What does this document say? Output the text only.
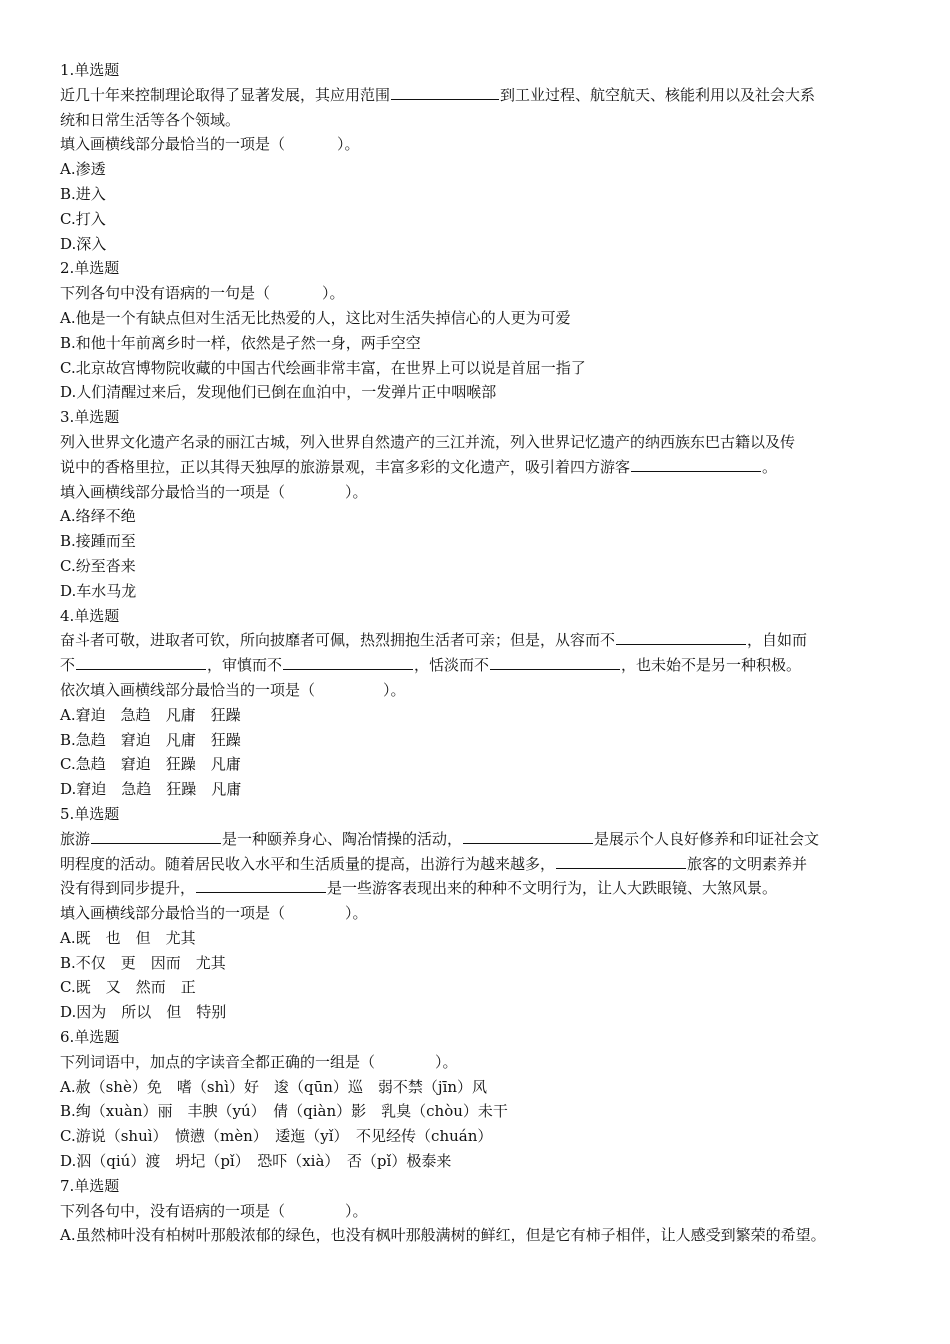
1.单选题
近几十年来控制理论取得了显著发展，其应用范围	到工业过程、航空航天、核能利用以及社会大系
统和日常生活等各个领域。
填入画横线部分最恰当的一项是（	）。
A.渗透
B.进入
C.打入
D.深入
2.单选题
下列各句中没有语病的一句是（	）。
A.他是一个有缺点但对生活无比热爱的人，这比对生活失掉信心的人更为可爱
B.和他十年前离乡时一样，依然是孑然一身，两手空空
C.北京故宫博物院收藏的中国古代绘画非常丰富，在世界上可以说是首屈一指了
D.人们清醒过来后，发现他们已倒在血泊中，一发弹片正中咽喉部
3.单选题
列入世界文化遗产名录的丽江古城，列入世界自然遗产的三江并流，列入世界记忆遗产的纳西族东巴古籍以及传
说中的香格里拉，正以其得天独厚的旅游景观，丰富多彩的文化遗产，吸引着四方游客	。
填入画横线部分最恰当的一项是（	）。
A.络绎不绝
B.接踵而至
C.纷至沓来
D.车水马龙
4.单选题
奋斗者可敬，进取者可钦，所向披靡者可佩，热烈拥抱生活者可亲；但是，从容而不	，自如而
不	，审慎而不	，恬淡而不	，也未始不是另一种积极。
依次填入画横线部分最恰当的一项是（	）。
A.窘迫　急趋　凡庸　狂躁
B.急趋　窘迫　凡庸　狂躁
C.急趋　窘迫　狂躁　凡庸
D.窘迫　急趋　狂躁　凡庸
5.单选题
旅游	是一种颐养身心、陶冶情操的活动，	是展示个人良好修养和印证社会文
明程度的活动。随着居民收入水平和生活质量的提高，出游行为越来越多，	旅客的文明素养并
没有得到同步提升，	是一些游客表现出来的种种不文明行为，让人大跌眼镜、大煞风景。
填入画横线部分最恰当的一项是（	）。
A.既　也　但　尤其
B.不仅　更　因而　尤其
C.既　又　然而　正
D.因为　所以　但　特别
6.单选题
下列词语中，加点的字读音全都正确的一组是（	）。
A.赦（shè）免　嗜（shì）好　逡（qūn）巡　弱不禁（jīn）风
B.绚（xuàn）丽　丰腴（yú）　倩（qiàn）影　乳臭（chòu）未干
C.游说（shuì）　愤懑（mèn）　逶迤（yǐ）　不见经传（chuán）
D.泅（qiú）渡　坍圮（pǐ）　恐吓（xià）　否（pǐ）极泰来
7.单选题
下列各句中，没有语病的一项是（	）。
A.虽然柿叶没有柏树叶那般浓郁的绿色，也没有枫叶那般满树的鲜红，但是它有柿子相伴，让人感受到繁荣的希望。
